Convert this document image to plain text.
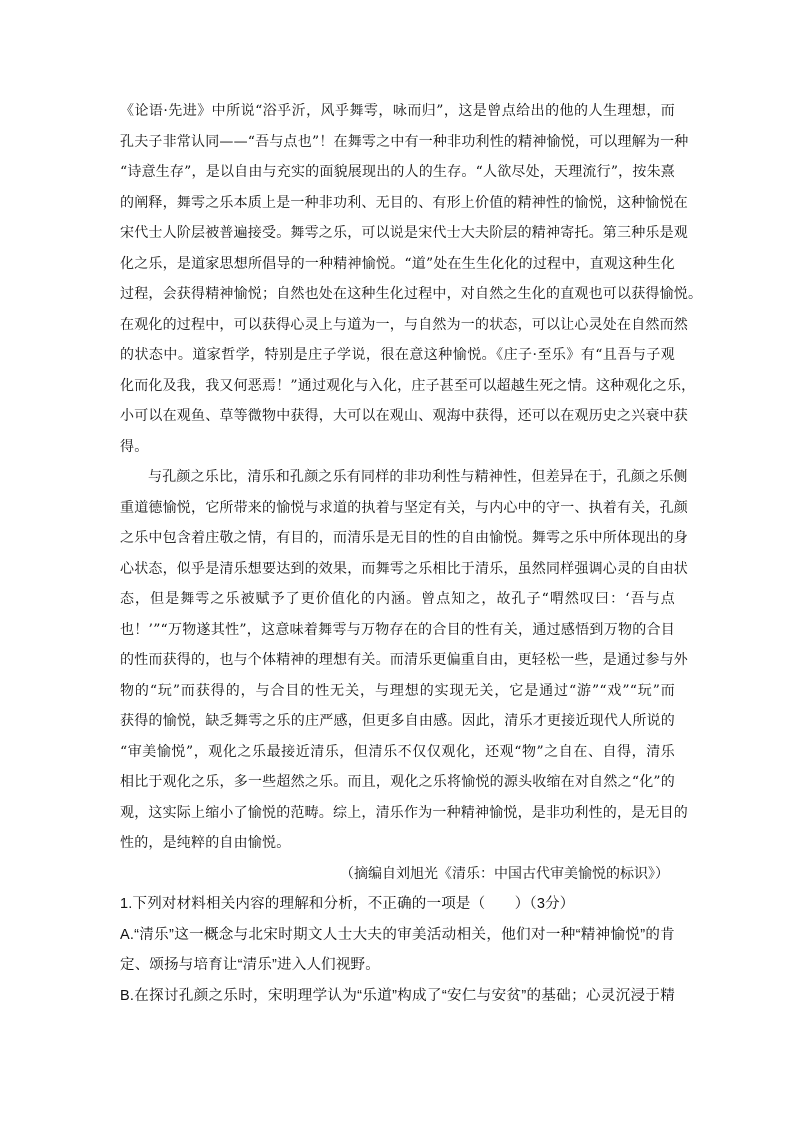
《论语·先进》中所说“浴乎沂，风乎舞雩，咏而归”，这是曾点给出的他的人生理想，而
孔夫子非常认同——“吾与点也”！在舞雩之中有一种非功利性的精神愉悦，可以理解为一种
“诗意生存”，是以自由与充实的面貌展现出的人的生存。“人欲尽处，天理流行”，按朱熹
的阐释，舞雩之乐本质上是一种非功利、无目的、有形上价值的精神性的愉悦，这种愉悦在
宋代士人阶层被普遍接受。舞雩之乐，可以说是宋代士大夫阶层的精神寄托。第三种乐是观
化之乐，是道家思想所倡导的一种精神愉悦。“道”处在生生化化的过程中，直观这种生化
过程，会获得精神愉悦；自然也处在这种生化过程中，对自然之生化的直观也可以获得愉悦。
在观化的过程中，可以获得心灵上与道为一，与自然为一的状态，可以让心灵处在自然而然
的状态中。道家哲学，特别是庄子学说，很在意这种愉悦。《庄子·至乐》有“且吾与子观
化而化及我，我又何恶焉！”通过观化与入化，庄子甚至可以超越生死之情。这种观化之乐，
小可以在观鱼、草等微物中获得，大可以在观山、观海中获得，还可以在观历史之兴衰中获
得。
与孔颜之乐比，清乐和孔颜之乐有同样的非功利性与精神性，但差异在于，孔颜之乐侧
重道德愉悦，它所带来的愉悦与求道的执着与坚定有关，与内心中的守一、执着有关，孔颜
之乐中包含着庄敬之情，有目的，而清乐是无目的性的自由愉悦。舞雩之乐中所体现出的身
心状态，似乎是清乐想要达到的效果，而舞雩之乐相比于清乐，虽然同样强调心灵的自由状
态，但是舞雩之乐被赋予了更价值化的内涵。曾点知之，故孔子“喟然叹曰：‘吾与点
也！’”“万物遂其性”，这意味着舞雩与万物存在的合目的性有关，通过感悟到万物的合目
的性而获得的，也与个体精神的理想有关。而清乐更偏重自由，更轻松一些，是通过参与外
物的“玩”而获得的，与合目的性无关，与理想的实现无关，它是通过“游”“戏”“玩”而
获得的愉悦，缺乏舞雩之乐的庄严感，但更多自由感。因此，清乐才更接近现代人所说的
“审美愉悦”，观化之乐最接近清乐，但清乐不仅仅观化，还观“物”之自在、自得，清乐
相比于观化之乐，多一些超然之乐。而且，观化之乐将愉悦的源头收缩在对自然之“化”的
观，这实际上缩小了愉悦的范畴。综上，清乐作为一种精神愉悦，是非功利性的，是无目的
性的，是纯粹的自由愉悦。
（摘编自刘旭光《清乐：中国古代审美愉悦的标识》）
1.下列对材料相关内容的理解和分析，不正确的一项是（　　）（3分）
A.“清乐”这一概念与北宋时期文人士大夫的审美活动相关，他们对一种“精神愉悦”的肯
定、颂扬与培育让“清乐”进入人们视野。
B.在探讨孔颜之乐时，宋明理学认为“乐道”构成了“安仁与安贫”的基础；心灵沉浸于精
